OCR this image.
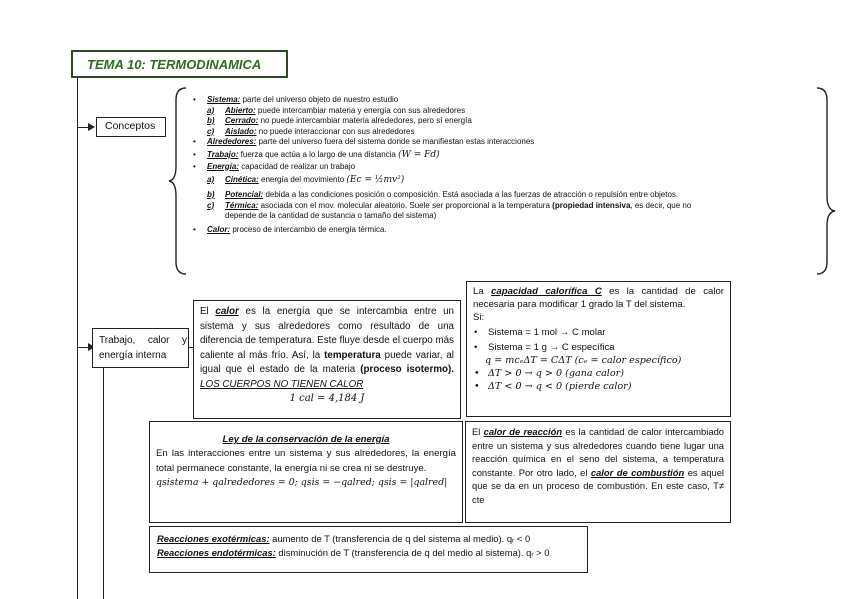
TEMA 10: TERMODINAMICA
Conceptos
• Sistema: parte del universo objeto de nuestro estudio
a) Abierto: puede intercambiar materia y energía con sus alrededores
b) Cerrado: no puede intercambiar materia alrededores, pero sí energía
c) Aislado: no puede interaccionar con sus alrededores
• Alrededores: parte del universo fuera del sistema donde se manifiestan estas interacciones
• Trabajo: fuerza que actúa a lo largo de una distancia (W = Fd)
• Energía: capacidad de realizar un trabajo
a) Cinética: energía del movimiento (Ec = ½mv²)
b) Potencial: debida a las condiciones posición o composición. Está asociada a las fuerzas de atracción o repulsión entre objetos.
c) Térmica: asociada con el mov. molecular aleatorio. Suele ser proporcional a la temperatura (propiedad intensiva, es decir, que no
depende de la cantidad de sustancia o tamaño del sistema)
• Calor: proceso de intercambio de energía térmica.
Trabajo, calor y energía interna
El calor es la energía que se intercambia entre un sistema y sus alrededores como resultado de una diferencia de temperatura. Este fluye desde el cuerpo más caliente al más frío. Así, la temperatura puede variar, al igual que el estado de la materia (proceso isotermo). LOS CUERPOS NO TIENEN CALOR
1 cal = 4,184 J
La capacidad calorífica C es la cantidad de calor necesaria para modificar 1 grado la T del sistema.
Si:
• Sistema = 1 mol → C molar
• Sistema = 1 g → C específica
q = mcₑΔT = CΔT (cₑ = calor específico)
• ΔT > 0 → q > 0 (gana calor)
• ΔT < 0 → q < 0 (pierde calor)
Ley de la conservación de la energía
En las interacciones entre un sistema y sus alrededores, la energía total permanece constante, la energía ni se crea ni se destruye.
qsistema + qalrededores = 0; qsis = −qalred; qsis = |qalred|
El calor de reacción es la cantidad de calor intercambiado entre un sistema y sus alrededores cuando tiene lugar una reacción química en el seno del sistema, a temperatura constante. Por otro lado, el calor de combustión es aquel que se da en un proceso de combustión. En este caso, T≠ cte
Reacciones exotérmicas: aumento de T (transferencia de q del sistema al medio). qᵣ < 0
Reacciones endotérmicas: disminución de T (transferencia de q del medio al sistema). qᵣ > 0
